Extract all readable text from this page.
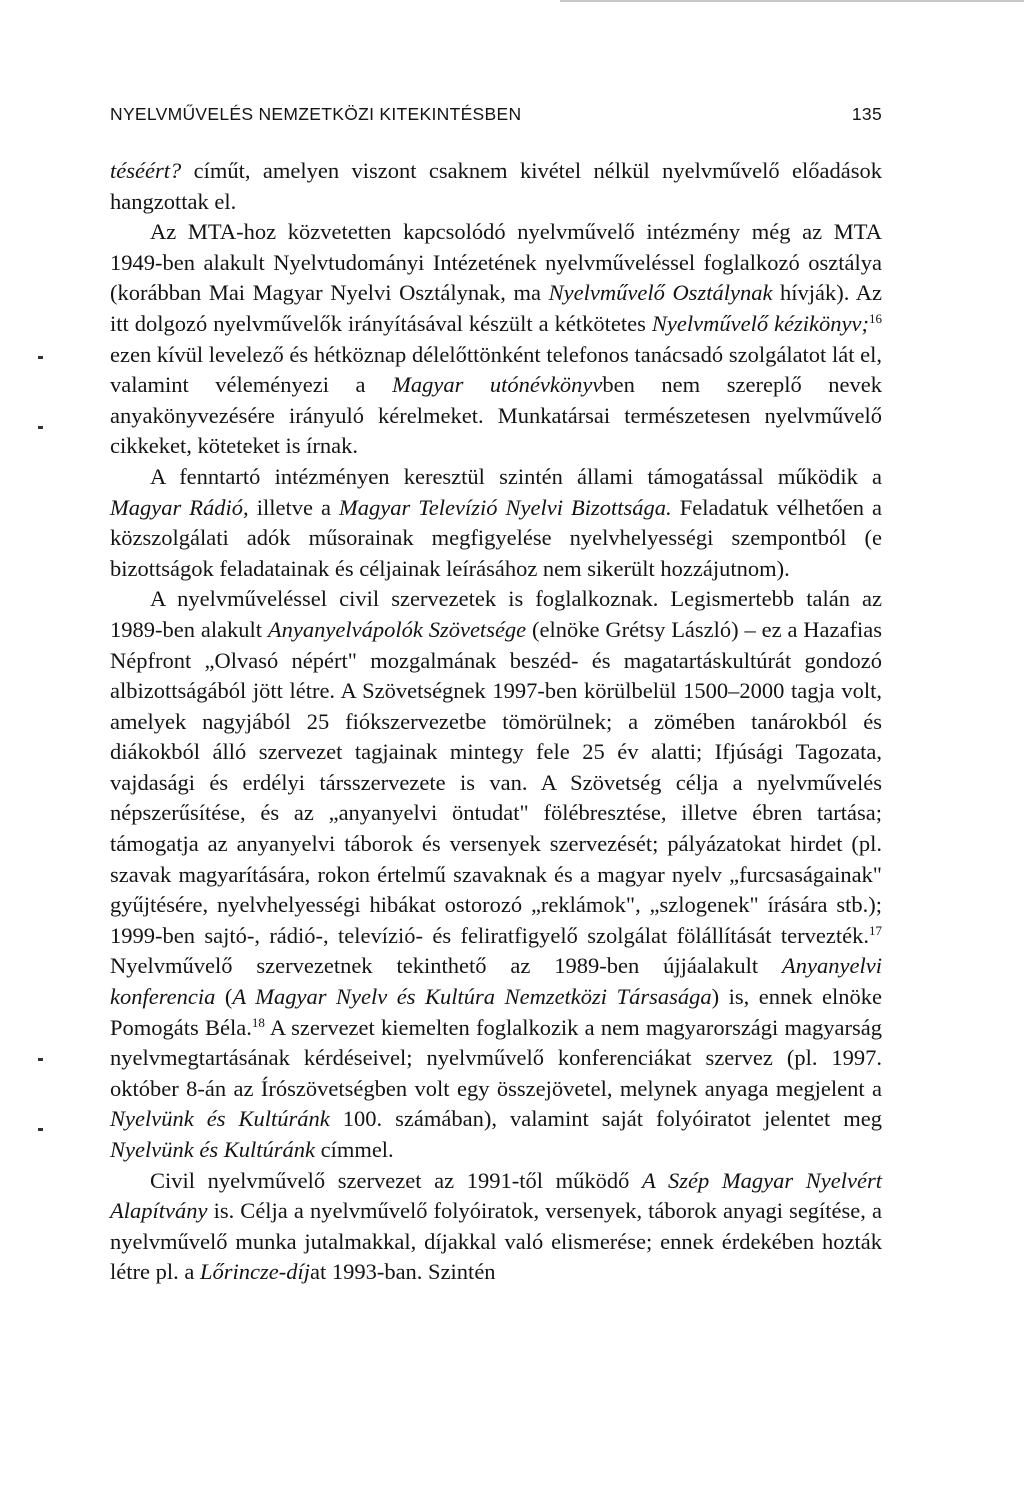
NYELVMŰVELÉS NEMZETKÖZI KITEKINTÉSBEN	135

téséért? címűt, amelyen viszont csaknem kivétel nélkül nyelvművelő előadások hangzottak el.

Az MTA-hoz közvetetten kapcsolódó nyelvművelő intézmény még az MTA 1949-ben alakult Nyelvtudományi Intézetének nyelvműveléssel foglalkozó osztálya (korábban Mai Magyar Nyelvi Osztálynak, ma Nyelvművelő Osztálynak hívják). Az itt dolgozó nyelvművelők irányításával készült a kétkötetes Nyelvművelő kézikönyv;$^{16}$ ezen kívül levelező és hétköznap délelőttönként telefonos tanácsadó szolgálatot lát el, valamint véleményezi a Magyar utónévkönyvben nem szereplő nevek anyakönyvezésére irányuló kérelmeket. Munkatársai természetesen nyelvművelő cikkeket, köteteket is írnak.

A fenntartó intézményen keresztül szintén állami támogatással működik a Magyar Rádió, illetve a Magyar Televízió Nyelvi Bizottsága. Feladatuk vélhetően a közszolgálati adók műsorainak megfigyelése nyelvhelyességi szempontból (e bizottságok feladatainak és céljainak leírásához nem sikerült hozzájutnom).

A nyelvműveléssel civil szervezetek is foglalkoznak. Legismertebb talán az 1989-ben alakult Anyanyelvápolók Szövetsége (elnöke Grétsy László) – ez a Hazafias Népfront „Olvasó népért" mozgalmának beszéd- és magatartáskultúrát gondozó albizottságából jött létre. A Szövetségnek 1997-ben körülbelül 1500–2000 tagja volt, amelyek nagyjából 25 fiókszervezetbe tömörülnek; a zömében tanárokból és diákokból álló szervezet tagjainak mintegy fele 25 év alatti; Ifjúsági Tagozata, vajdasági és erdélyi társszervezete is van. A Szövetség célja a nyelvművelés népszerűsítése, és az „anyanyelvi öntudat" fölébresztése, illetve ébren tartása; támogatja az anyanyelvi táborok és versenyek szervezését; pályázatokat hirdet (pl. szavak magyarítására, rokon értelmű szavaknak és a magyar nyelv „furcsaságainak" gyűjtésére, nyelvhelyességi hibákat ostorozó „reklámok", „szlogenek" írására stb.); 1999-ben sajtó-, rádió-, televízió- és feliratfigyelő szolgálat fölállítását tervezték.$^{17}$ Nyelvművelő szervezetnek tekinthető az 1989-ben újjáalakult Anyanyelvi konferencia (A Magyar Nyelv és Kultúra Nemzetközi Társasága) is, ennek elnöke Pomogáts Béla.$^{18}$ A szervezet kiemelten foglalkozik a nem magyarországi magyarság nyelvmegtartásának kérdéseivel; nyelvművelő konferenciákat szervez (pl. 1997. október 8-án az Írószövetségben volt egy összejövetel, melynek anyaga megjelent a Nyelvünk és Kultúránk 100. számában), valamint saját folyóiratot jelentet meg Nyelvünk és Kultúránk címmel.

Civil nyelvművelő szervezet az 1991-től működő A Szép Magyar Nyelvért Alapítvány is. Célja a nyelvművelő folyóiratok, versenyek, táborok anyagi segítése, a nyelvművelő munka jutalmakkal, díjakkal való elismerése; ennek érdekében hozták létre pl. a Lőrincze-díjat 1993-ban. Szintén
